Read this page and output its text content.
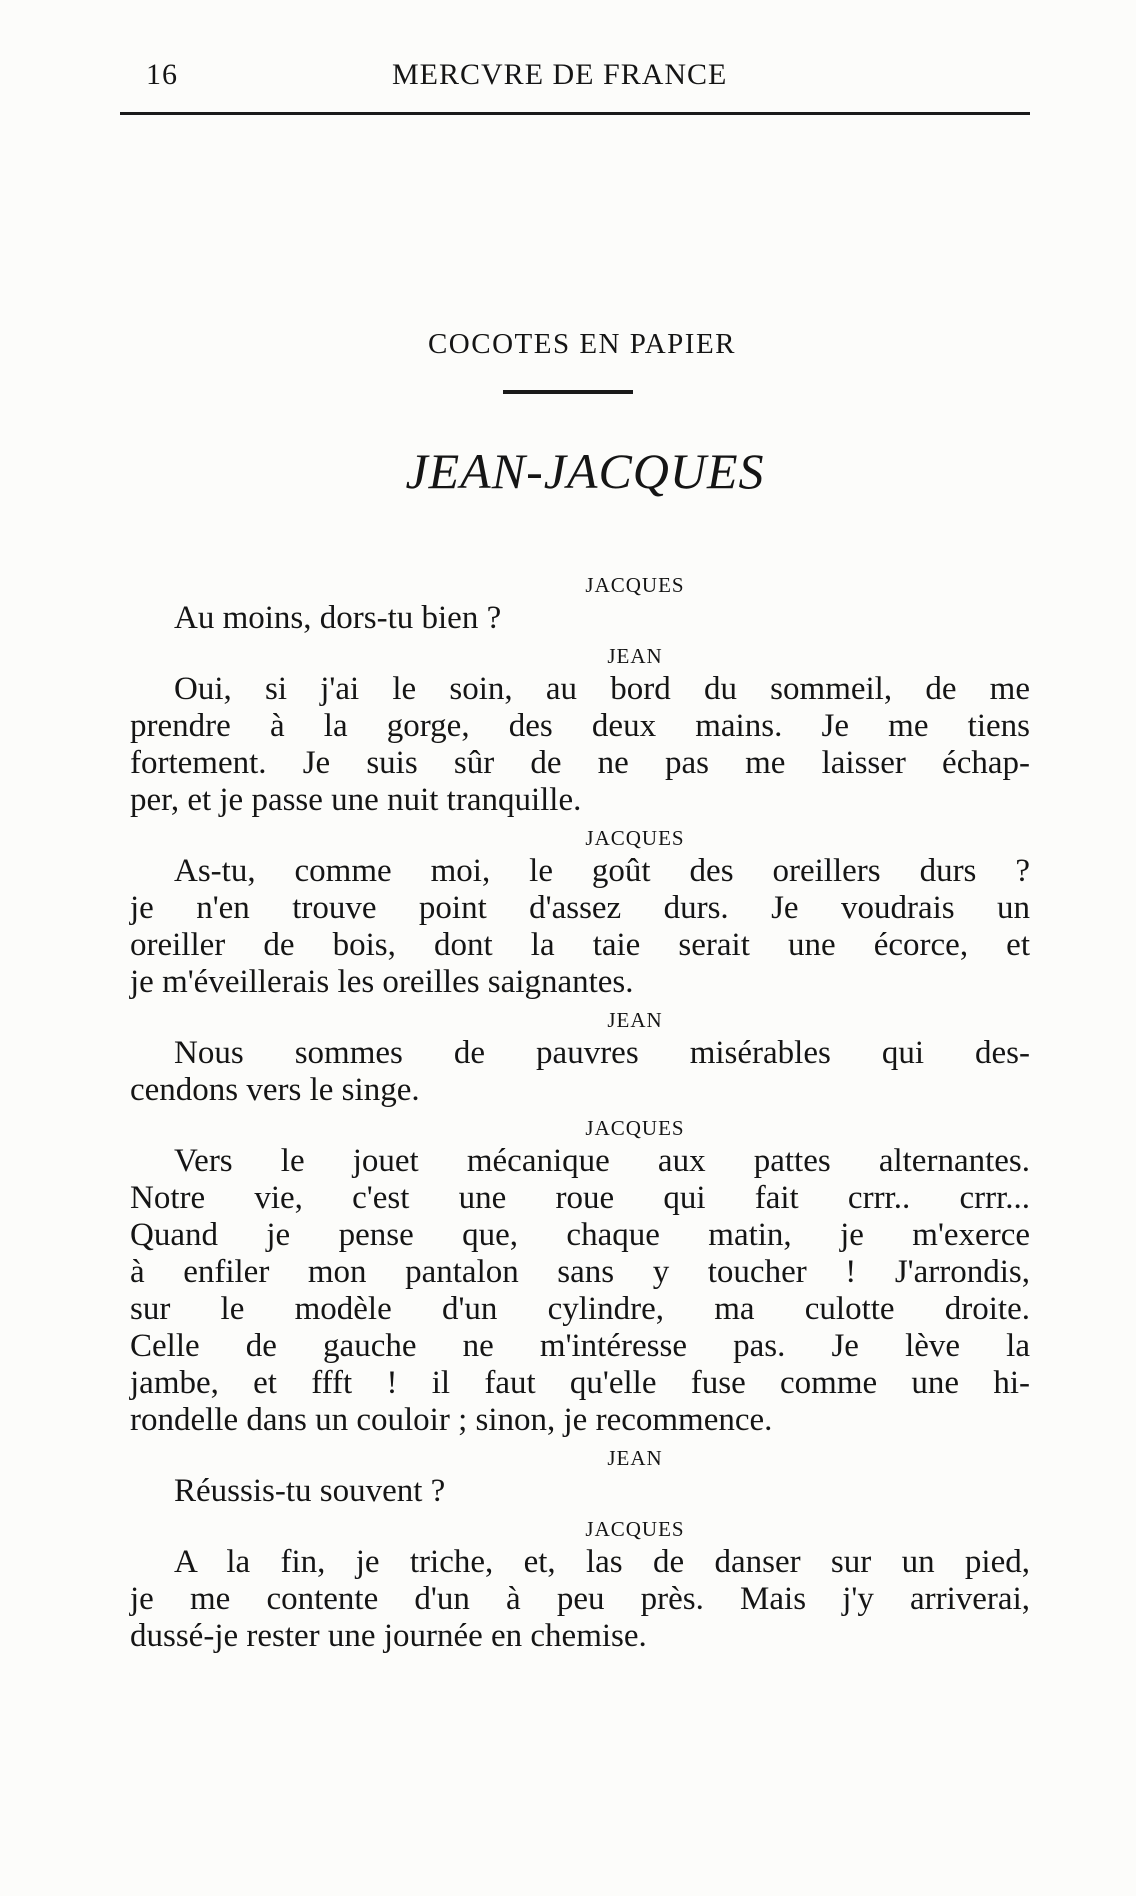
16	MERCVRE DE FRANCE
COCOTES EN PAPIER
JEAN-JACQUES
JACQUES
Au moins, dors-tu bien ?
JEAN
Oui, si j'ai le soin, au bord du sommeil, de me
prendre à la gorge, des deux mains. Je me tiens
fortement. Je suis sûr de ne pas me laisser échap-
per, et je passe une nuit tranquille.
JACQUES
As-tu, comme moi, le goût des oreillers durs ?
je n'en trouve point d'assez durs. Je voudrais un
oreiller de bois, dont la taie serait une écorce, et
je m'éveillerais les oreilles saignantes.
JEAN
Nous sommes de pauvres misérables qui des-
cendons vers le singe.
JACQUES
Vers le jouet mécanique aux pattes alternantes.
Notre vie, c'est une roue qui fait crrr.. crrr...
Quand je pense que, chaque matin, je m'exerce
à enfiler mon pantalon sans y toucher ! J'arrondis,
sur le modèle d'un cylindre, ma culotte droite.
Celle de gauche ne m'intéresse pas. Je lève la
jambe, et ffft ! il faut qu'elle fuse comme une hi-
rondelle dans un couloir ; sinon, je recommence.
JEAN
Réussis-tu souvent ?
JACQUES
A la fin, je triche, et, las de danser sur un pied,
je me contente d'un à peu près. Mais j'y arriverai,
dussé-je rester une journée en chemise.
